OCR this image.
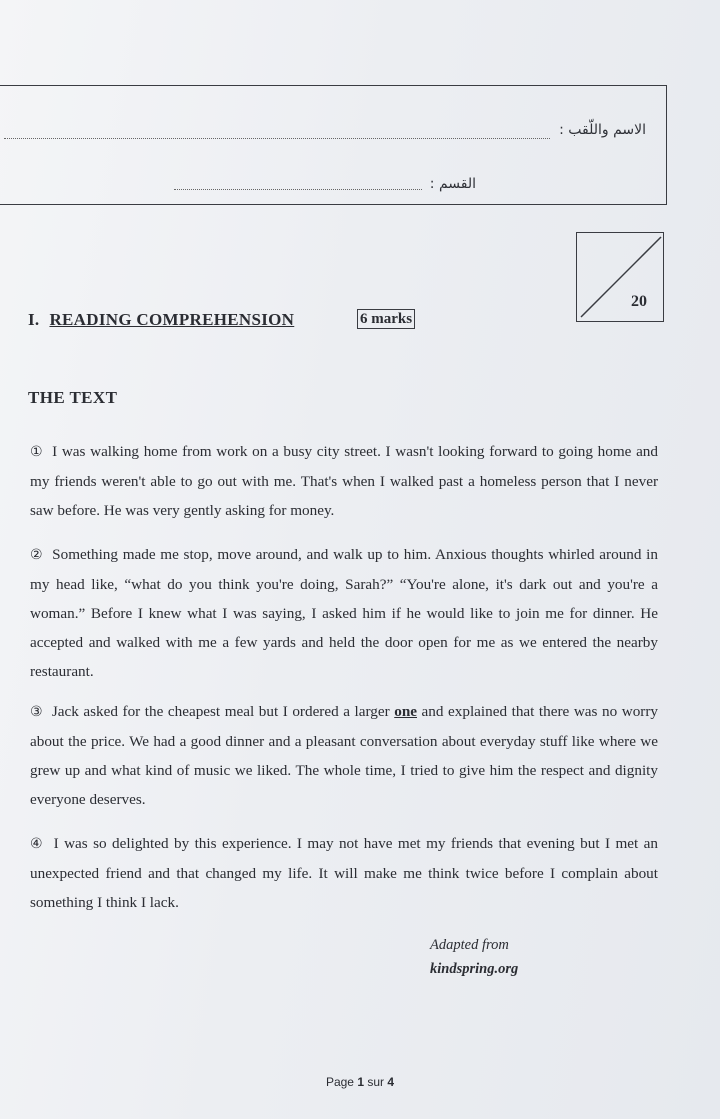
الاسم واللّقب :
القسم :
20
I. READING COMPREHENSION	6 marks
THE TEXT
① I was walking home from work on a busy city street. I wasn't looking forward to going home and my friends weren't able to go out with me. That's when I walked past a homeless person that I never saw before. He was very gently asking for money.
② Something made me stop, move around, and walk up to him. Anxious thoughts whirled around in my head like, “what do you think you're doing, Sarah?” “You're alone, it's dark out and you're a woman.” Before I knew what I was saying, I asked him if he would like to join me for dinner. He accepted and walked with me a few yards and held the door open for me as we entered the nearby restaurant.
③ Jack asked for the cheapest meal but I ordered a larger one and explained that there was no worry about the price. We had a good dinner and a pleasant conversation about everyday stuff like where we grew up and what kind of music we liked. The whole time, I tried to give him the respect and dignity everyone deserves.
④ I was so delighted by this experience. I may not have met my friends that evening but I met an unexpected friend and that changed my life. It will make me think twice before I complain about something I think I lack.
Adapted from
kindspring.org
Page 1 sur 4
